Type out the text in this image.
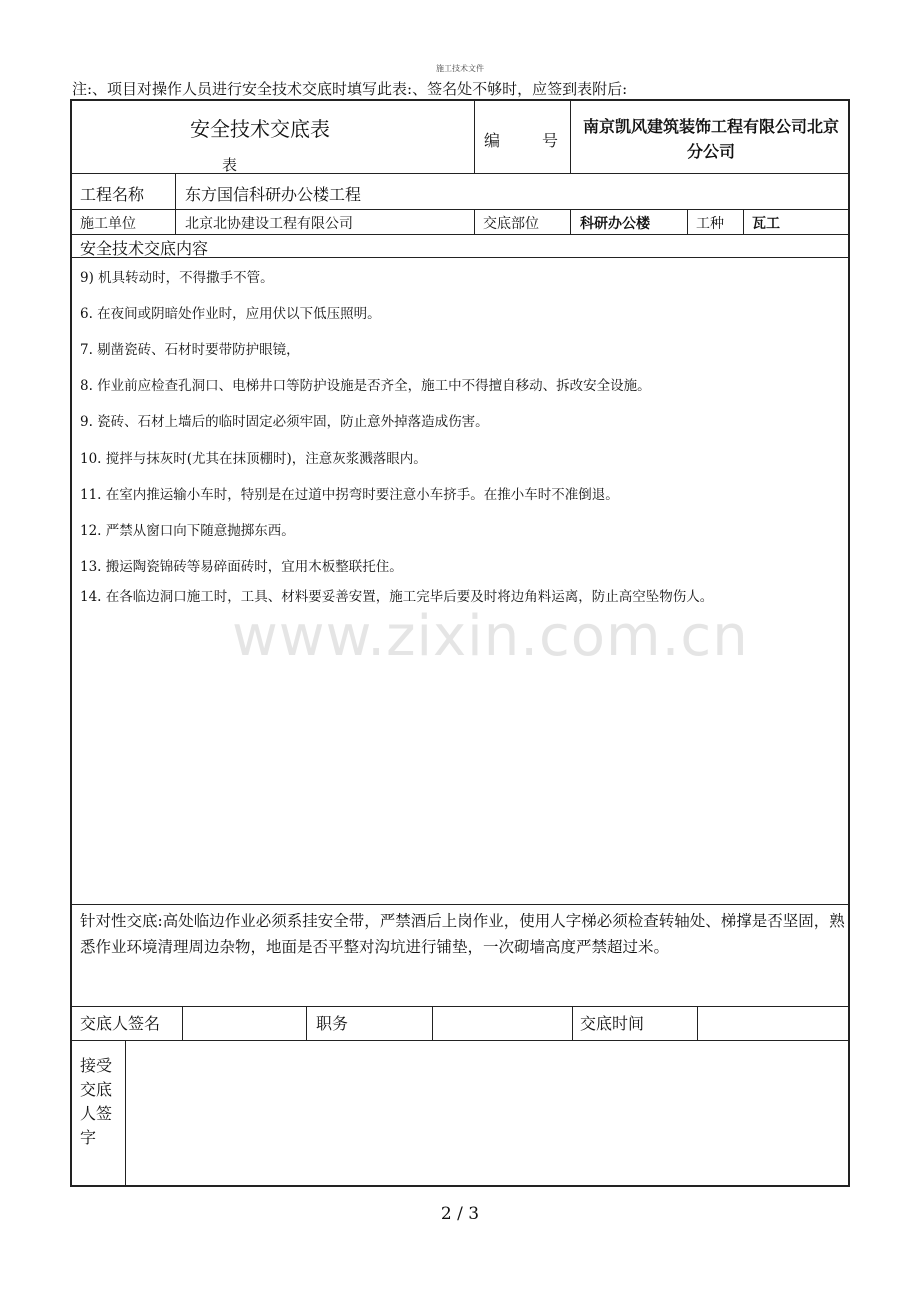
施工技术文件
注:、项目对操作人员进行安全技术交底时填写此表:、签名处不够时，应签到表附后:
安全技术交底表
表
编	号
南京凯风建筑装饰工程有限公司北京分公司
工程名称	东方国信科研办公楼工程
施工单位	北京北协建设工程有限公司	交底部位	科研办公楼	工种 瓦工
安全技术交底内容
9) 机具转动时，不得撒手不管。
6. 在夜间或阴暗处作业时，应用伏以下低压照明。
7. 剔凿瓷砖、石材时要带防护眼镜，
8. 作业前应检查孔洞口、电梯井口等防护设施是否齐全，施工中不得擅自移动、拆改安全设施。
9. 瓷砖、石材上墙后的临时固定必须牢固，防止意外掉落造成伤害。
10. 搅拌与抹灰时(尤其在抹顶棚时)，注意灰浆溅落眼内。
11. 在室内推运输小车时，特别是在过道中拐弯时要注意小车挤手。在推小车时不准倒退。
12. 严禁从窗口向下随意抛掷东西。
13. 搬运陶瓷锦砖等易碎面砖时，宜用木板整联托住。
14. 在各临边洞口施工时，工具、材料要妥善安置，施工完毕后要及时将边角料运离，防止高空坠物伤人。
www.zixin.com.cn
针对性交底:高处临边作业必须系挂安全带，严禁酒后上岗作业，使用人字梯必须检查转轴处、梯撑是否坚固，熟悉作业环境清理周边杂物，地面是否平整对沟坑进行铺垫，一次砌墙高度严禁超过米。
交底人签名	职务	交底时间
接受交底人签字
2 / 3
